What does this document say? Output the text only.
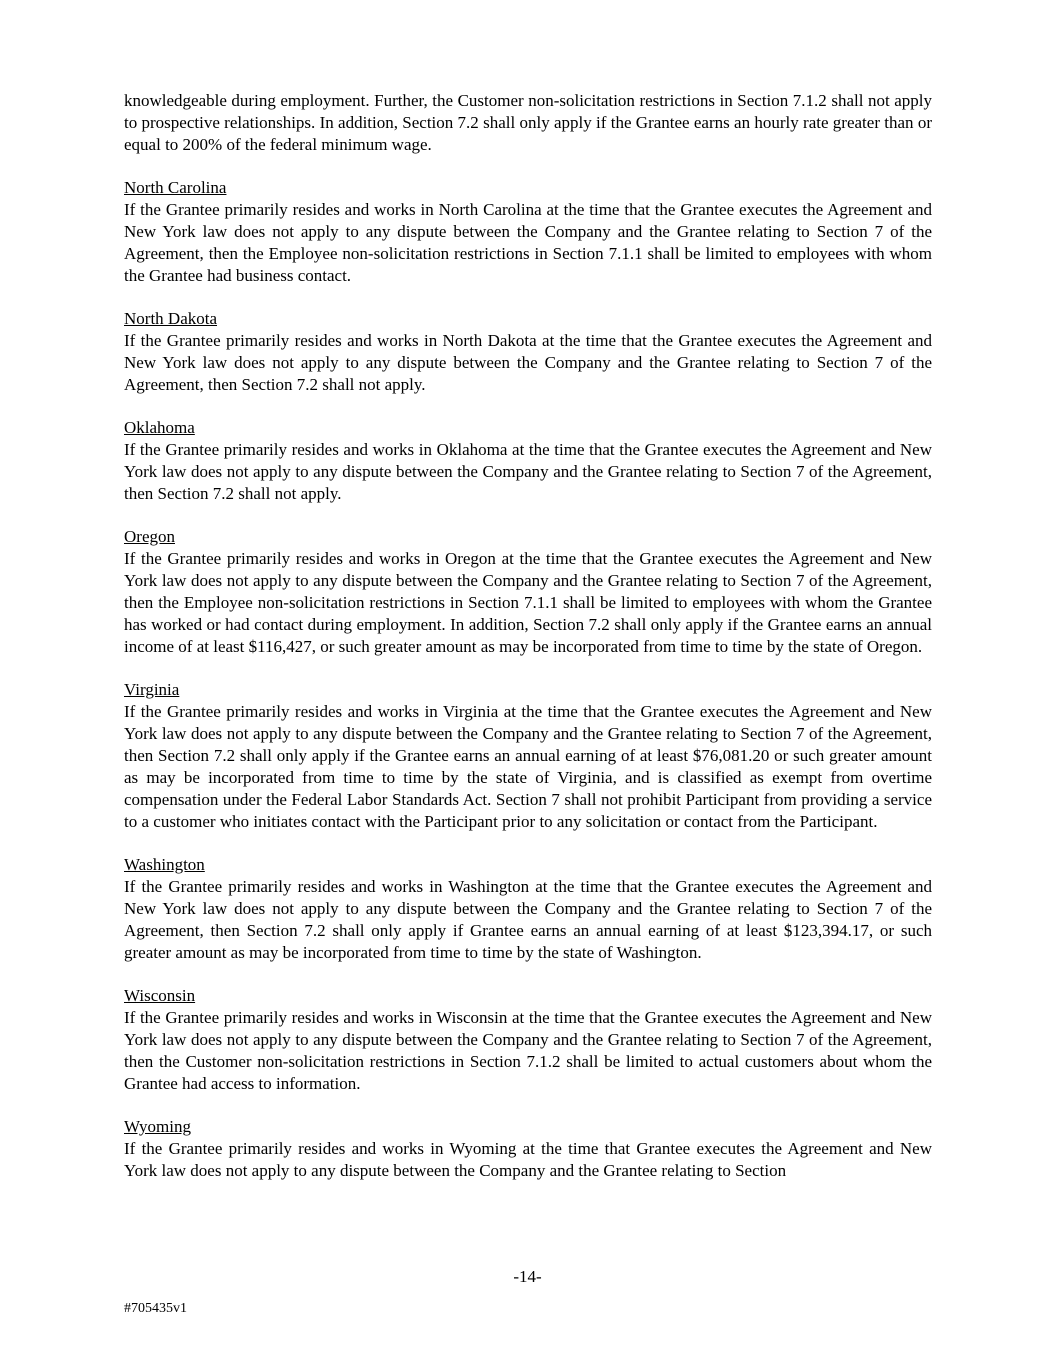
knowledgeable during employment. Further, the Customer non-solicitation restrictions in Section 7.1.2 shall not apply to prospective relationships. In addition, Section 7.2 shall only apply if the Grantee earns an hourly rate greater than or equal to 200% of the federal minimum wage.

North Carolina

If the Grantee primarily resides and works in North Carolina at the time that the Grantee executes the Agreement and New York law does not apply to any dispute between the Company and the Grantee relating to Section 7 of the Agreement, then the Employee non-solicitation restrictions in Section 7.1.1 shall be limited to employees with whom the Grantee had business contact.

North Dakota

If the Grantee primarily resides and works in North Dakota at the time that the Grantee executes the Agreement and New York law does not apply to any dispute between the Company and the Grantee relating to Section 7 of the Agreement, then Section 7.2 shall not apply.

Oklahoma

If the Grantee primarily resides and works in Oklahoma at the time that the Grantee executes the Agreement and New York law does not apply to any dispute between the Company and the Grantee relating to Section 7 of the Agreement, then Section 7.2 shall not apply.

Oregon

If the Grantee primarily resides and works in Oregon at the time that the Grantee executes the Agreement and New York law does not apply to any dispute between the Company and the Grantee relating to Section 7 of the Agreement, then the Employee non-solicitation restrictions in Section 7.1.1 shall be limited to employees with whom the Grantee has worked or had contact during employment. In addition, Section 7.2 shall only apply if the Grantee earns an annual income of at least $116,427, or such greater amount as may be incorporated from time to time by the state of Oregon.

Virginia

If the Grantee primarily resides and works in Virginia at the time that the Grantee executes the Agreement and New York law does not apply to any dispute between the Company and the Grantee relating to Section 7 of the Agreement, then Section 7.2 shall only apply if the Grantee earns an annual earning of at least $76,081.20 or such greater amount as may be incorporated from time to time by the state of Virginia, and is classified as exempt from overtime compensation under the Federal Labor Standards Act. Section 7 shall not prohibit Participant from providing a service to a customer who initiates contact with the Participant prior to any solicitation or contact from the Participant.

Washington

If the Grantee primarily resides and works in Washington at the time that the Grantee executes the Agreement and New York law does not apply to any dispute between the Company and the Grantee relating to Section 7 of the Agreement, then Section 7.2 shall only apply if Grantee earns an annual earning of at least $123,394.17, or such greater amount as may be incorporated from time to time by the state of Washington.

Wisconsin

If the Grantee primarily resides and works in Wisconsin at the time that the Grantee executes the Agreement and New York law does not apply to any dispute between the Company and the Grantee relating to Section 7 of the Agreement, then the Customer non-solicitation restrictions in Section 7.1.2 shall be limited to actual customers about whom the Grantee had access to information.

Wyoming

If the Grantee primarily resides and works in Wyoming at the time that Grantee executes the Agreement and New York law does not apply to any dispute between the Company and the Grantee relating to Section

-14-
#705435v1
